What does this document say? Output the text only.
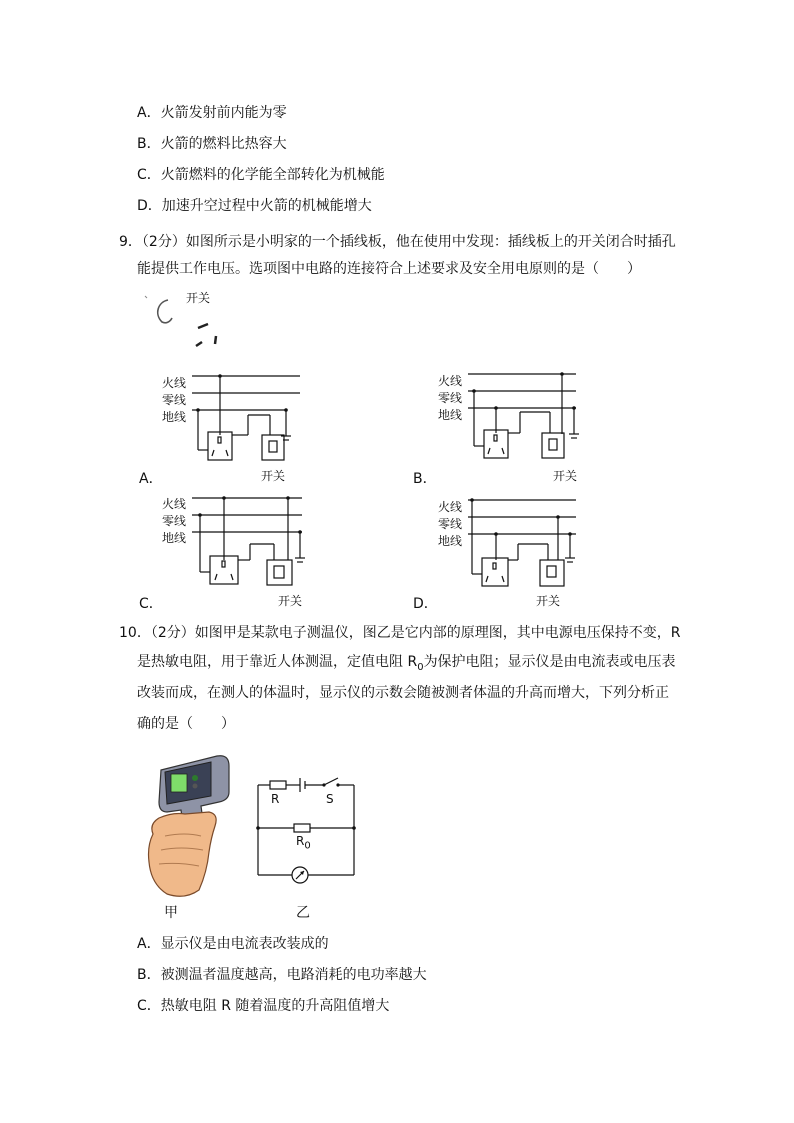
A．火箭发射前内能为零
B．火箭的燃料比热容大
C．火箭燃料的化学能全部转化为机械能
D．加速升空过程中火箭的机械能增大
9．（2分）如图所示是小明家的一个插线板，他在使用中发现：插线板上的开关闭合时插孔
能提供工作电压。选项图中电路的连接符合上述要求及安全用电原则的是（　　）
开关
火线
零线
地线
A．	开关
火线
零线
地线
B．	开关
火线
零线
地线
C．	开关
火线
零线
地线
D．	开关
10．（2分）如图甲是某款电子测温仪，图乙是它内部的原理图，其中电源电压保持不变，R
是热敏电阻，用于靠近人体测温，定值电阻 $R_0$为保护电阻；显示仪是由电流表或电压表
改装而成，在测人的体温时，显示仪的示数会随被测者体温的升高而增大，下列分析正
确的是（　　）
甲
R	S
$R_0$
乙
A．显示仪是由电流表改装成的
B．被测温者温度越高，电路消耗的电功率越大
C．热敏电阻 R 随着温度的升高阻值增大
